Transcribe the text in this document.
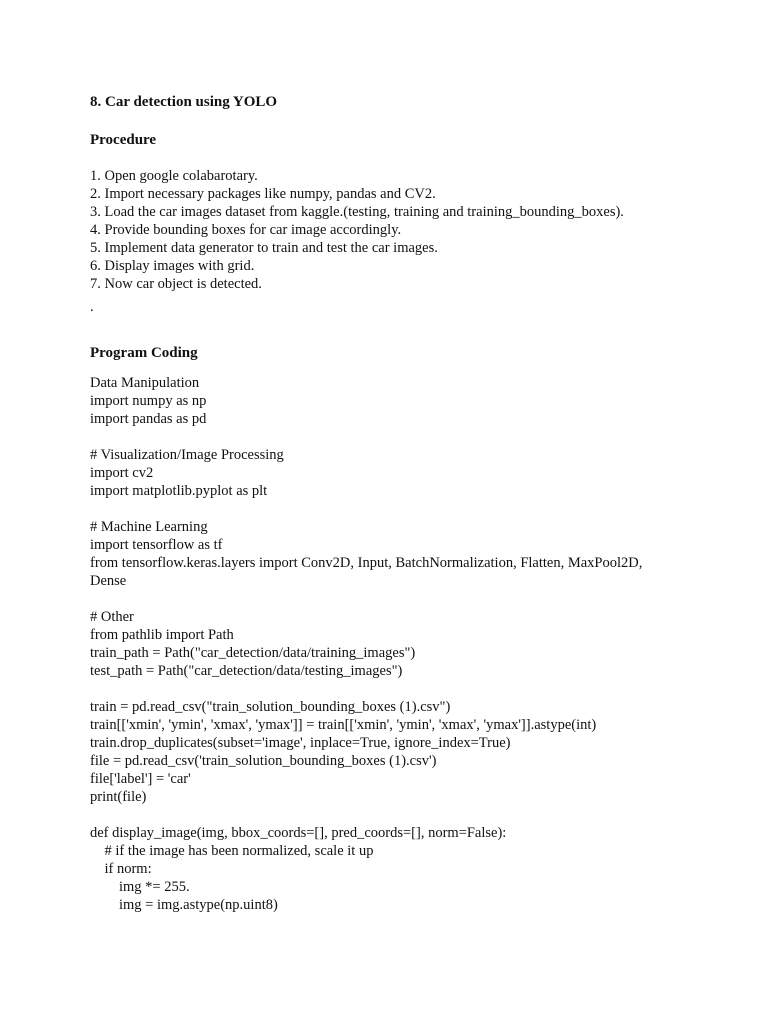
8. Car detection using YOLO
Procedure
1. Open google colabarotary.
2. Import necessary packages like numpy, pandas and CV2.
3. Load the car images dataset from kaggle.(testing, training and training_bounding_boxes).
4. Provide bounding boxes for car image accordingly.
5. Implement data generator to train and test the car images.
6. Display images with grid.
7. Now car object is detected.
.
Program Coding
Data Manipulation
import numpy as np
import pandas as pd
# Visualization/Image Processing
import cv2
import matplotlib.pyplot as plt
# Machine Learning
import tensorflow as tf
from tensorflow.keras.layers import Conv2D, Input, BatchNormalization, Flatten, MaxPool2D,
Dense
# Other
from pathlib import Path
train_path = Path("car_detection/data/training_images")
test_path = Path("car_detection/data/testing_images")
train = pd.read_csv("train_solution_bounding_boxes (1).csv")
train[['xmin', 'ymin', 'xmax', 'ymax']] = train[['xmin', 'ymin', 'xmax', 'ymax']].astype(int)
train.drop_duplicates(subset='image', inplace=True, ignore_index=True)
file = pd.read_csv('train_solution_bounding_boxes (1).csv')
file['label'] = 'car'
print(file)
def display_image(img, bbox_coords=[], pred_coords=[], norm=False):
# if the image has been normalized, scale it up
if norm:
img *= 255.
img = img.astype(np.uint8)
